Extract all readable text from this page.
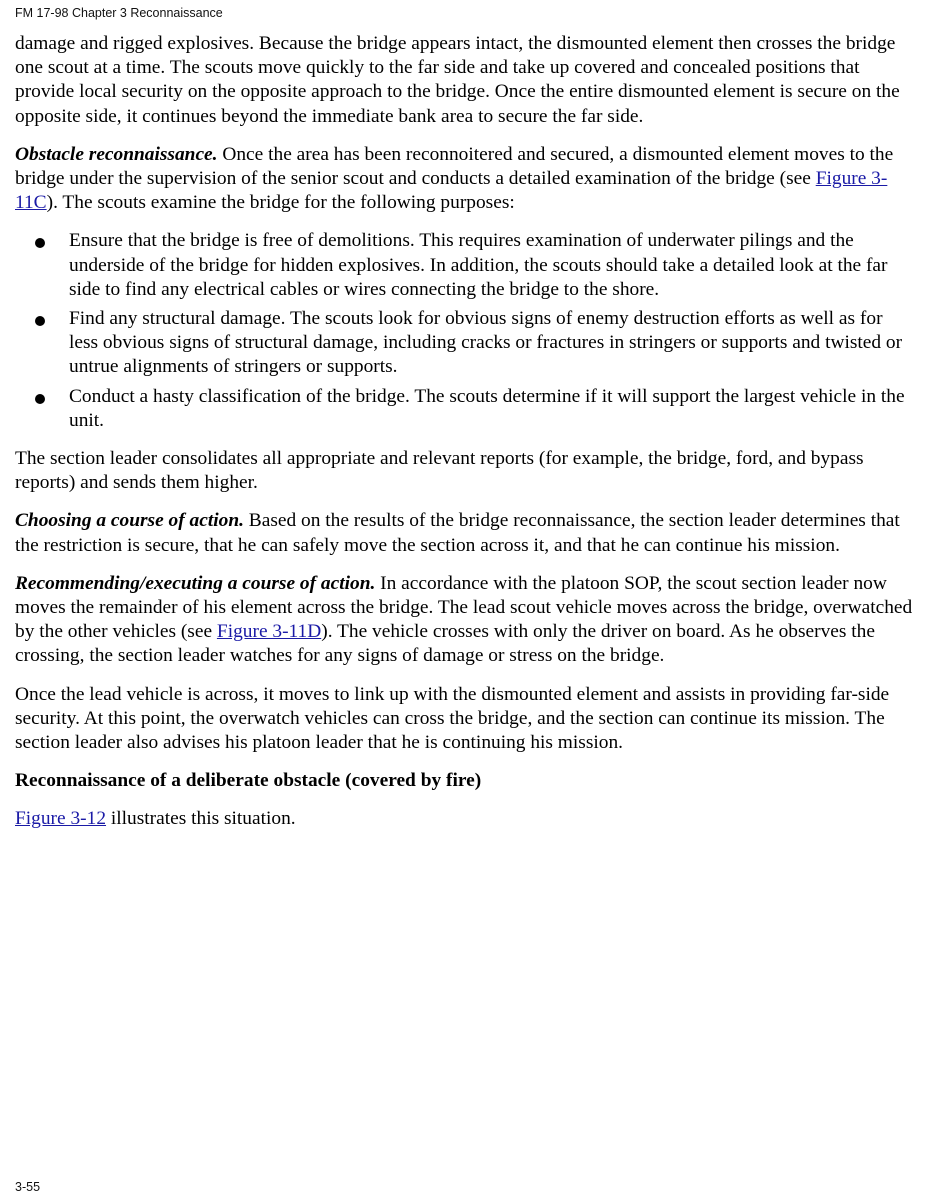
FM 17-98 Chapter 3 Reconnaissance

damage and rigged explosives. Because the bridge appears intact, the dismounted element then crosses the bridge one scout at a time. The scouts move quickly to the far side and take up covered and concealed positions that provide local security on the opposite approach to the bridge. Once the entire dismounted element is secure on the opposite side, it continues beyond the immediate bank area to secure the far side.

Obstacle reconnaissance. Once the area has been reconnoitered and secured, a dismounted element moves to the bridge under the supervision of the senior scout and conducts a detailed examination of the bridge (see Figure 3-11C). The scouts examine the bridge for the following purposes:

Ensure that the bridge is free of demolitions. This requires examination of underwater pilings and the underside of the bridge for hidden explosives. In addition, the scouts should take a detailed look at the far side to find any electrical cables or wires connecting the bridge to the shore.
Find any structural damage. The scouts look for obvious signs of enemy destruction efforts as well as for less obvious signs of structural damage, including cracks or fractures in stringers or supports and twisted or untrue alignments of stringers or supports.
Conduct a hasty classification of the bridge. The scouts determine if it will support the largest vehicle in the unit.

The section leader consolidates all appropriate and relevant reports (for example, the bridge, ford, and bypass reports) and sends them higher.

Choosing a course of action. Based on the results of the bridge reconnaissance, the section leader determines that the restriction is secure, that he can safely move the section across it, and that he can continue his mission.

Recommending/executing a course of action. In accordance with the platoon SOP, the scout section leader now moves the remainder of his element across the bridge. The lead scout vehicle moves across the bridge, overwatched by the other vehicles (see Figure 3-11D). The vehicle crosses with only the driver on board. As he observes the crossing, the section leader watches for any signs of damage or stress on the bridge.

Once the lead vehicle is across, it moves to link up with the dismounted element and assists in providing far-side security. At this point, the overwatch vehicles can cross the bridge, and the section can continue its mission. The section leader also advises his platoon leader that he is continuing his mission.

Reconnaissance of a deliberate obstacle (covered by fire)

Figure 3-12 illustrates this situation.

3-55
